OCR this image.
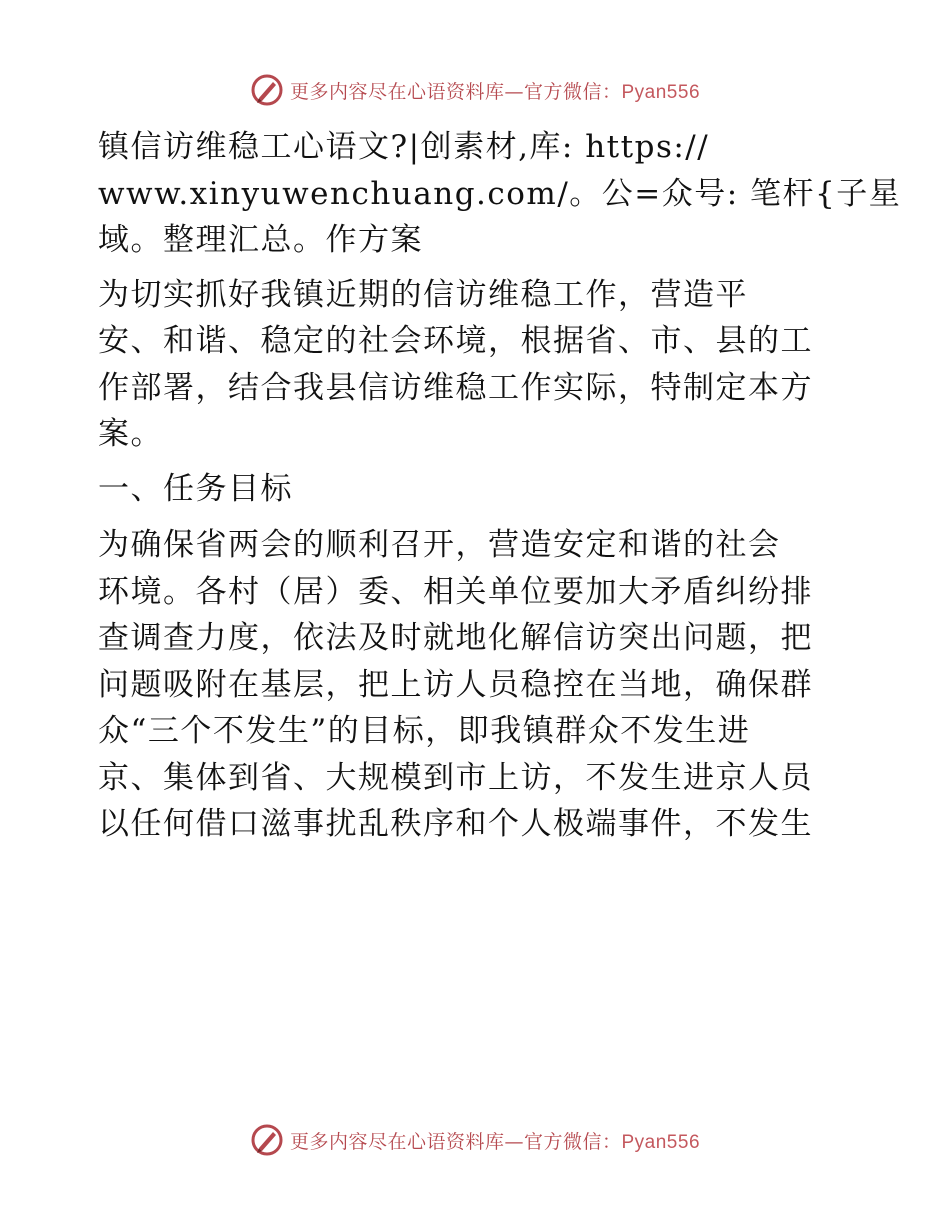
更多内容尽在心语资料库—官方微信：Pyan556

镇信访维稳工心语文?|创素材,库: https://
www.xinyuwenchuang.com/。公=众号: 笔杆{子星
域。整理汇总。作方案

为切实抓好我镇近期的信访维稳工作，营造平
安、和谐、稳定的社会环境，根据省、市、县的工
作部署，结合我县信访维稳工作实际，特制定本方
案。

一、任务目标

为确保省两会的顺利召开，营造安定和谐的社会
环境。各村（居）委、相关单位要加大矛盾纠纷排
查调查力度，依法及时就地化解信访突出问题，把
问题吸附在基层，把上访人员稳控在当地，确保群
众“三个不发生”的目标，即我镇群众不发生进
京、集体到省、大规模到市上访，不发生进京人员
以任何借口滋事扰乱秩序和个人极端事件，不发生

更多内容尽在心语资料库—官方微信：Pyan556
